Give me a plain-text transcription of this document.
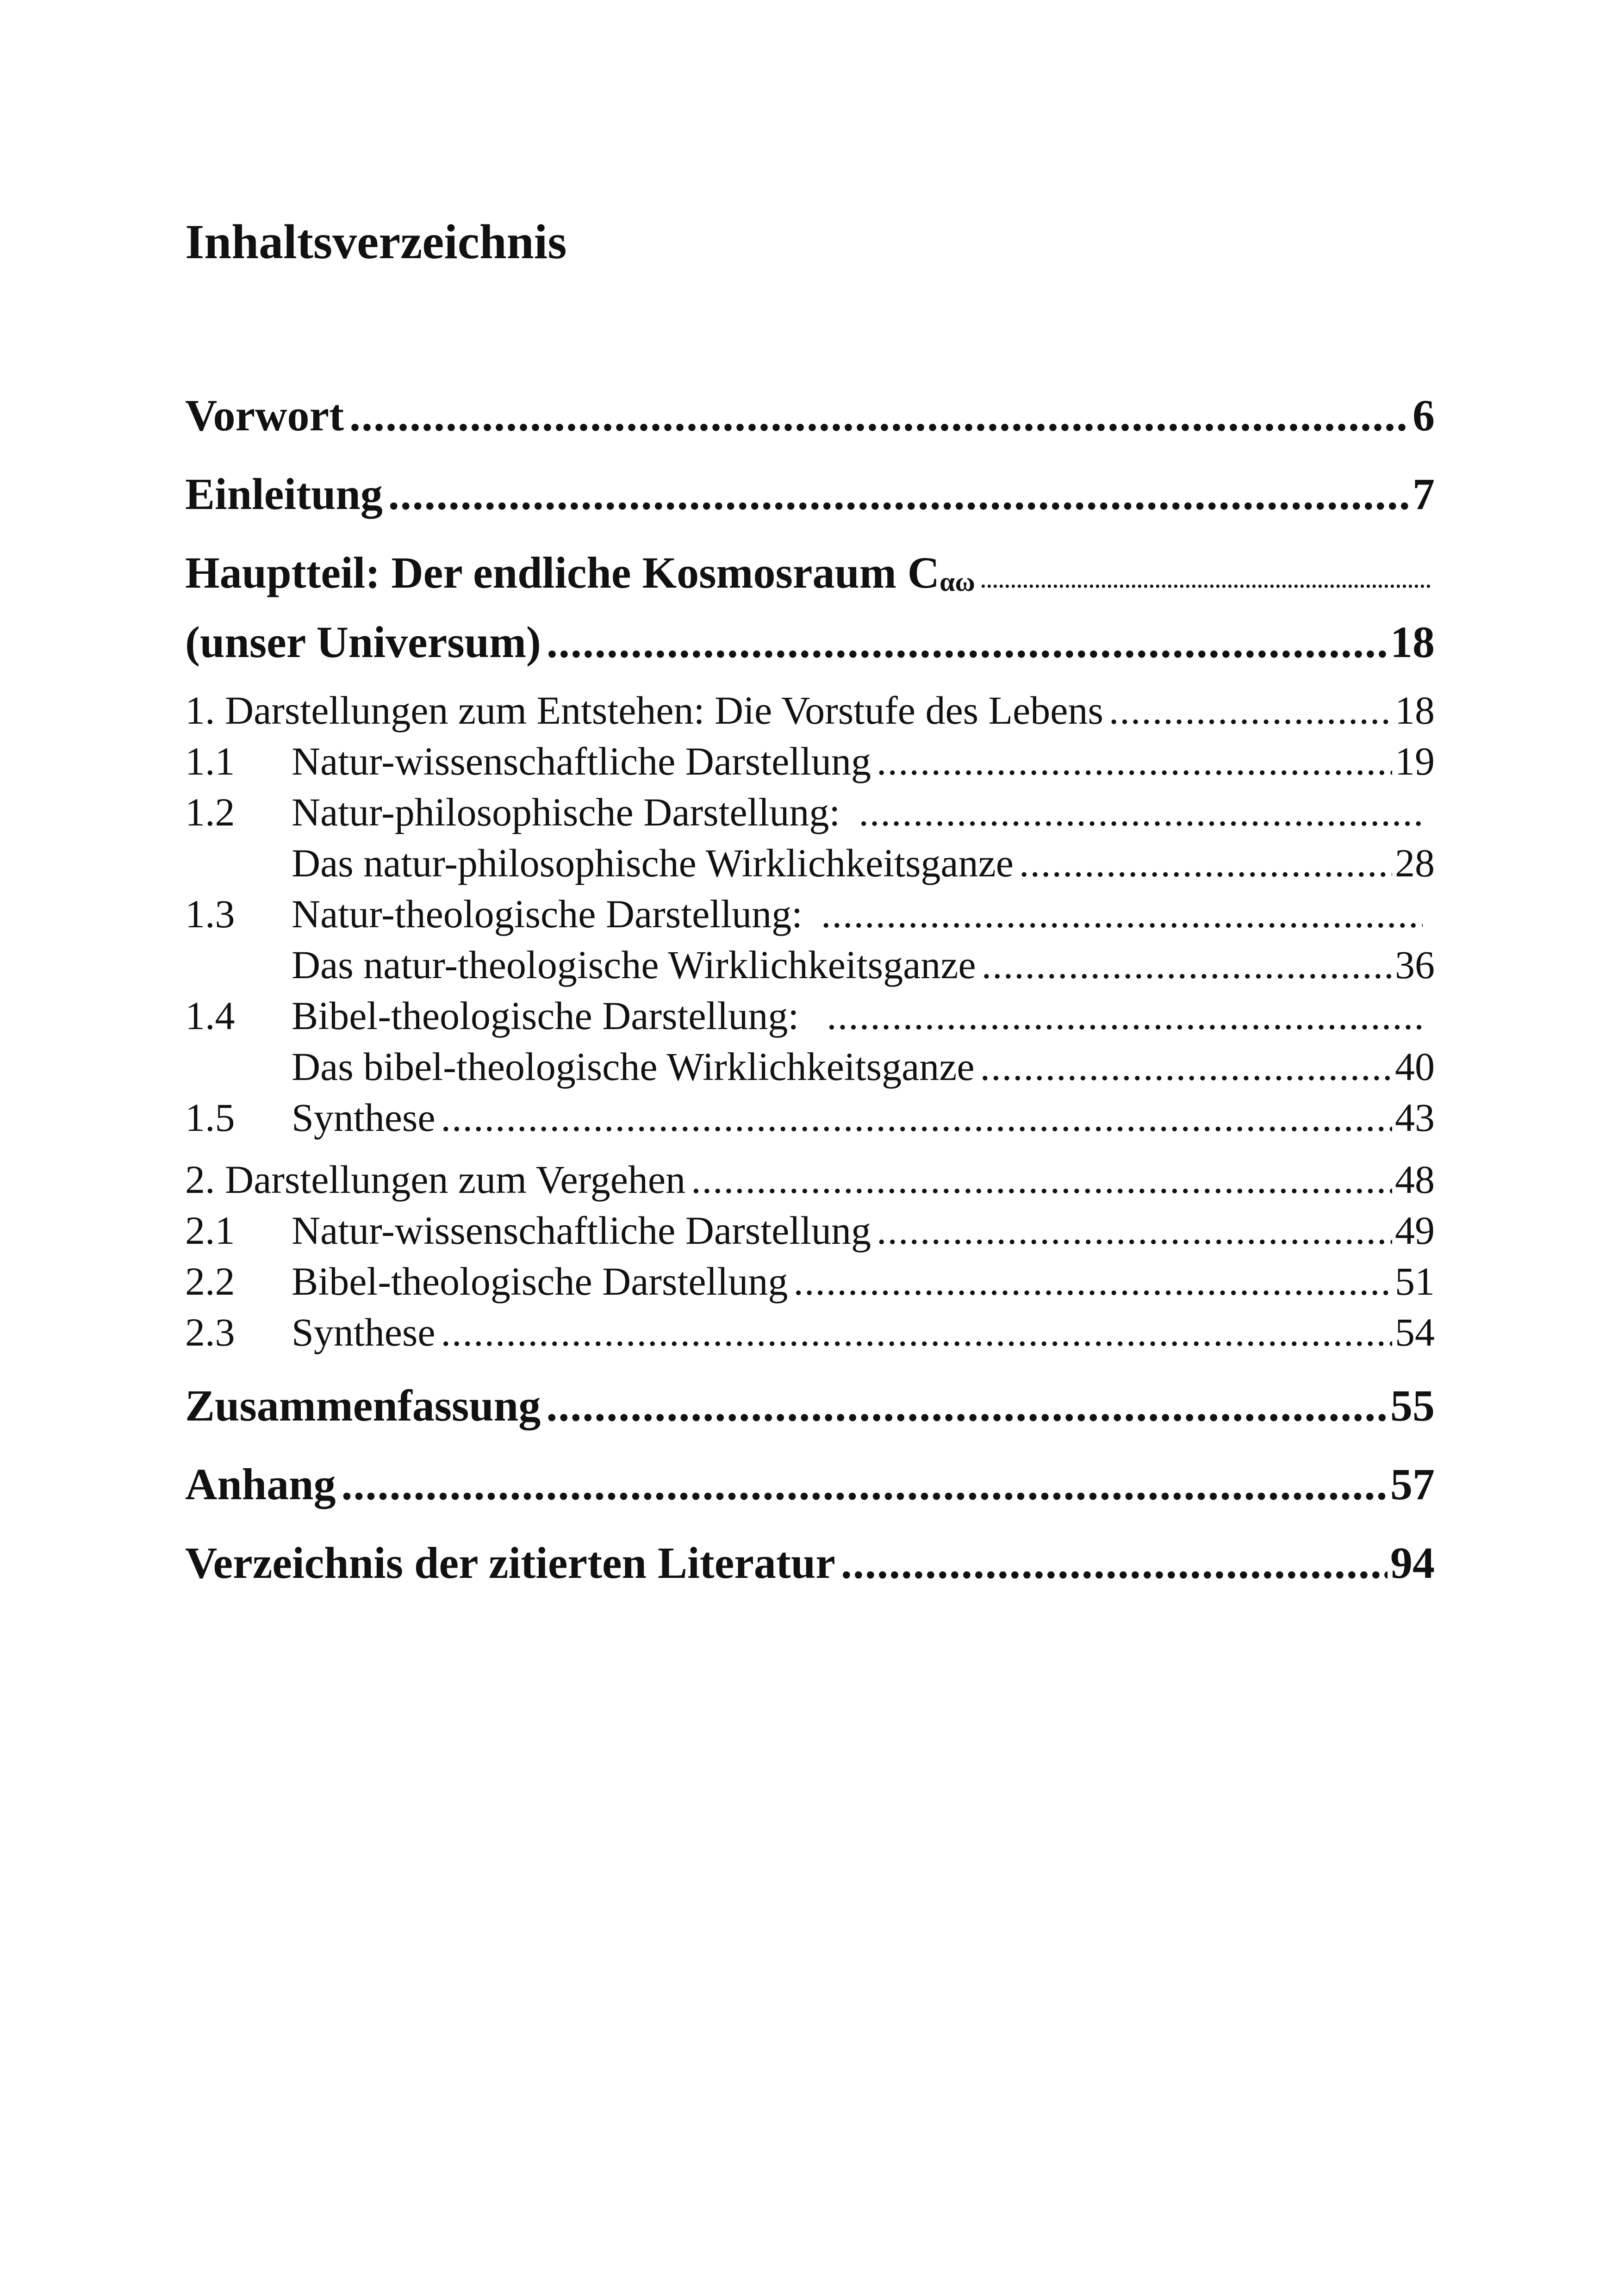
Inhaltsverzeichnis
Vorwort .....	6
Einleitung .....	7
Hauptteil: Der endliche Kosmosraum Cαω
.....
(unser Universum) .....	18
1. Darstellungen zum Entstehen: Die Vorstufe des Lebens .....	18
1.1	Natur-wissenschaftliche Darstellung .....	19
1.2	Natur-philosophische Darstellung:
.....
Das natur-philosophische Wirklichkeitsganze .....	28
1.3	Natur-theologische Darstellung:
.....
Das natur-theologische Wirklichkeitsganze .....	36
1.4	Bibel-theologische Darstellung:
.....
Das bibel-theologische Wirklichkeitsganze .....	40
1.5	Synthese .....	43
2. Darstellungen zum Vergehen .....	48
2.1	Natur-wissenschaftliche Darstellung .....	49
2.2	Bibel-theologische Darstellung .....	51
2.3	Synthese .....	54
Zusammenfassung .....	55
Anhang .....	57
Verzeichnis der zitierten Literatur .....	94
